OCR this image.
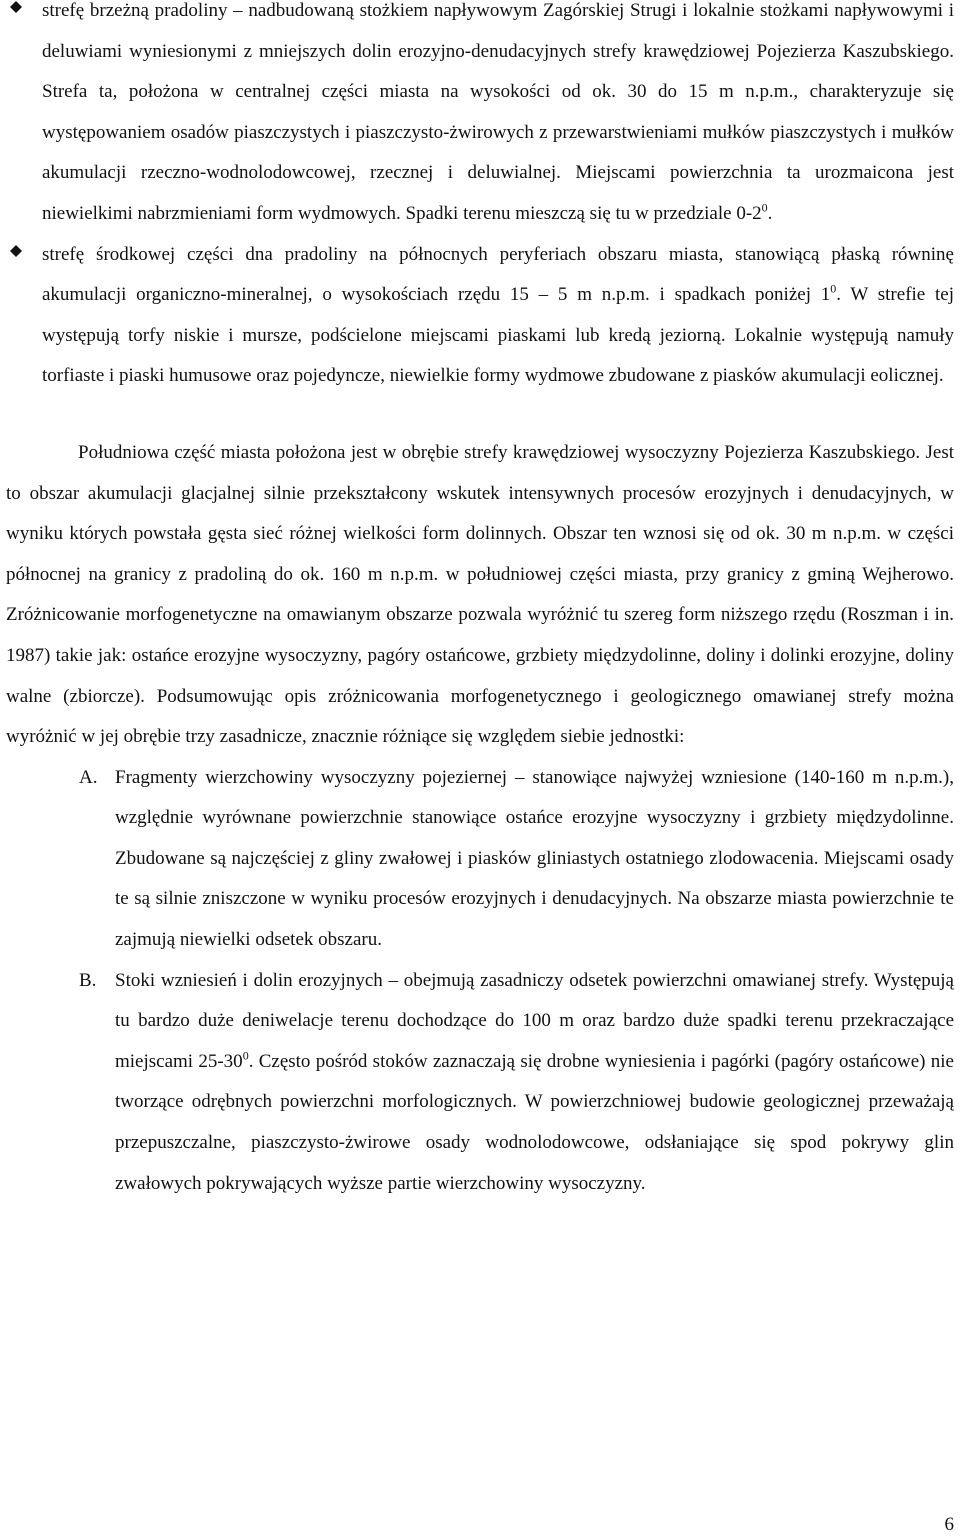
strefę brzeżną pradoliny – nadbudowaną stożkiem napływowym Zagórskiej Strugi i lokalnie stożkami napływowymi i deluwiami wyniesionymi z mniejszych dolin erozyjno-denudacyjnych strefy krawędziowej Pojezierza Kaszubskiego. Strefa ta, położona w centralnej części miasta na wysokości od ok. 30 do 15 m n.p.m., charakteryzuje się występowaniem osadów piaszczystych i piaszczysto-żwirowych z przewarstwieniami mułków piaszczystych i mułków akumulacji rzeczno-wodnolodowcowej, rzecznej i deluwialnej. Miejscami powierzchnia ta urozmaicona jest niewielkimi nabrzmieniami form wydmowych. Spadki terenu mieszczą się tu w przedziale $0-2^0$.

strefę środkowej części dna pradoliny na północnych peryferiach obszaru miasta, stanowiącą płaską równinę akumulacji organiczno-mineralnej, o wysokościach rzędu 15 – 5 m n.p.m. i spadkach poniżej $1^0$. W strefie tej występują torfy niskie i mursze, podścielone miejscami piaskami lub kredą jeziorną. Lokalnie występują namuły torfiaste i piaski humusowe oraz pojedyncze, niewielkie formy wydmowe zbudowane z piasków akumulacji eolicznej.

Południowa część miasta położona jest w obrębie strefy krawędziowej wysoczyzny Pojezierza Kaszubskiego. Jest to obszar akumulacji glacjalnej silnie przekształcony wskutek intensywnych procesów erozyjnych i denudacyjnych, w wyniku których powstała gęsta sieć różnej wielkości form dolinnych. Obszar ten wznosi się od ok. 30 m n.p.m. w części północnej na granicy z pradoliną do ok. 160 m n.p.m. w południowej części miasta, przy granicy z gminą Wejherowo. Zróżnicowanie morfogenetyczne na omawianym obszarze pozwala wyróżnić tu szereg form niższego rzędu (Roszman i in. 1987) takie jak: ostańce erozyjne wysoczyzny, pagóry ostańcowe, grzbiety międzydolinne, doliny i dolinki erozyjne, doliny walne (zbiorcze). Podsumowując opis zróżnicowania morfogenetycznego i geologicznego omawianej strefy można wyróżnić w jej obrębie trzy zasadnicze, znacznie różniące się względem siebie jednostki:

A. Fragmenty wierzchowiny wysoczyzny pojeziernej – stanowiące najwyżej wzniesione (140-160 m n.p.m.), względnie wyrównane powierzchnie stanowiące ostańce erozyjne wysoczyzny i grzbiety międzydolinne. Zbudowane są najczęściej z gliny zwałowej i piasków gliniastych ostatniego zlodowacenia. Miejscami osady te są silnie zniszczone w wyniku procesów erozyjnych i denudacyjnych. Na obszarze miasta powierzchnie te zajmują niewielki odsetek obszaru.

B. Stoki wzniesień i dolin erozyjnych – obejmują zasadniczy odsetek powierzchni omawianej strefy. Występują tu bardzo duże deniwelacje terenu dochodzące do 100 m oraz bardzo duże spadki terenu przekraczające miejscami $25-30^0$. Często pośród stoków zaznaczają się drobne wyniesienia i pagórki (pagóry ostańcowe) nie tworzące odrębnych powierzchni morfologicznych. W powierzchniowej budowie geologicznej przeważają przepuszczalne, piaszczysto-żwirowe osady wodnolodowcowe, odsłaniające się spod pokrywy glin zwałowych pokrywających wyższe partie wierzchowiny wysoczyzny.

6
